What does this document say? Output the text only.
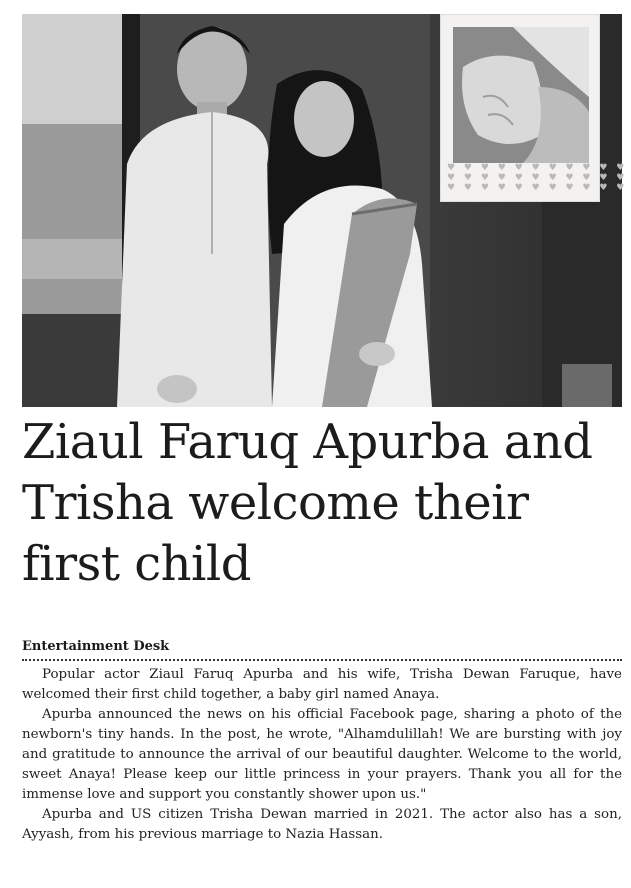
♥ ♥ ♥ ♥ ♥ ♥ ♥ ♥ ♥ ♥ ♥
♥ ♥ ♥ ♥ ♥ ♥ ♥ ♥ ♥ ♥ ♥
♥ ♥ ♥ ♥ ♥ ♥ ♥ ♥ ♥ ♥ ♥
Ziaul Faruq Apurba and Trisha welcome their first child
Entertainment Desk

Popular actor Ziaul Faruq Apurba and his wife, Trisha Dewan Faruque, have welcomed their first child together, a baby girl named Anaya.

Apurba announced the news on his official Facebook page, sharing a photo of the newborn's tiny hands. In the post, he wrote, "Alhamdulillah! We are bursting with joy and gratitude to announce the arrival of our beautiful daughter. Welcome to the world, sweet Anaya! Please keep our little princess in your prayers. Thank you all for the immense love and support you constantly shower upon us."

Apurba and US citizen Trisha Dewan married in 2021. The actor also has a son, Ayyash, from his previous marriage to Nazia Hassan.
